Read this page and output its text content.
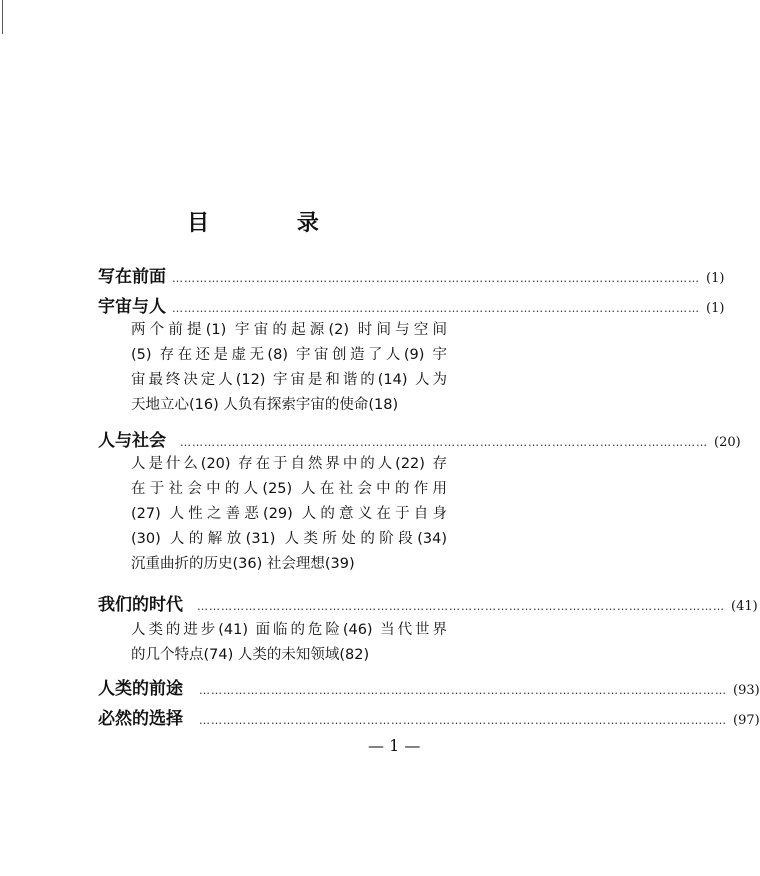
目 录
写在前面 …………………………………………………………………………………………………………………… (1)
宇宙与人 …………………………………………………………………………………………………………………… (1)
两个前提(1) 宇宙的起源(2) 时间与空间
(5) 存在还是虚无(8) 宇宙创造了人(9) 宇
宙最终决定人(12) 宇宙是和谐的(14) 人为
天地立心(16) 人负有探索宇宙的使命(18)
人与社会 …………………………………………………………………………………………………………………… (20)
人是什么(20) 存在于自然界中的人(22) 存
在于社会中的人(25) 人在社会中的作用
(27) 人性之善恶(29) 人的意义在于自身
(30) 人的解放(31) 人类所处的阶段(34)
沉重曲折的历史(36) 社会理想(39)
我们的时代 …………………………………………………………………………………………………………………… (41)
人类的进步(41) 面临的危险(46) 当代世界
的几个特点(74) 人类的未知领域(82)
人类的前途 …………………………………………………………………………………………………………………… (93)
必然的选择 …………………………………………………………………………………………………………………… (97)
— 1 —
